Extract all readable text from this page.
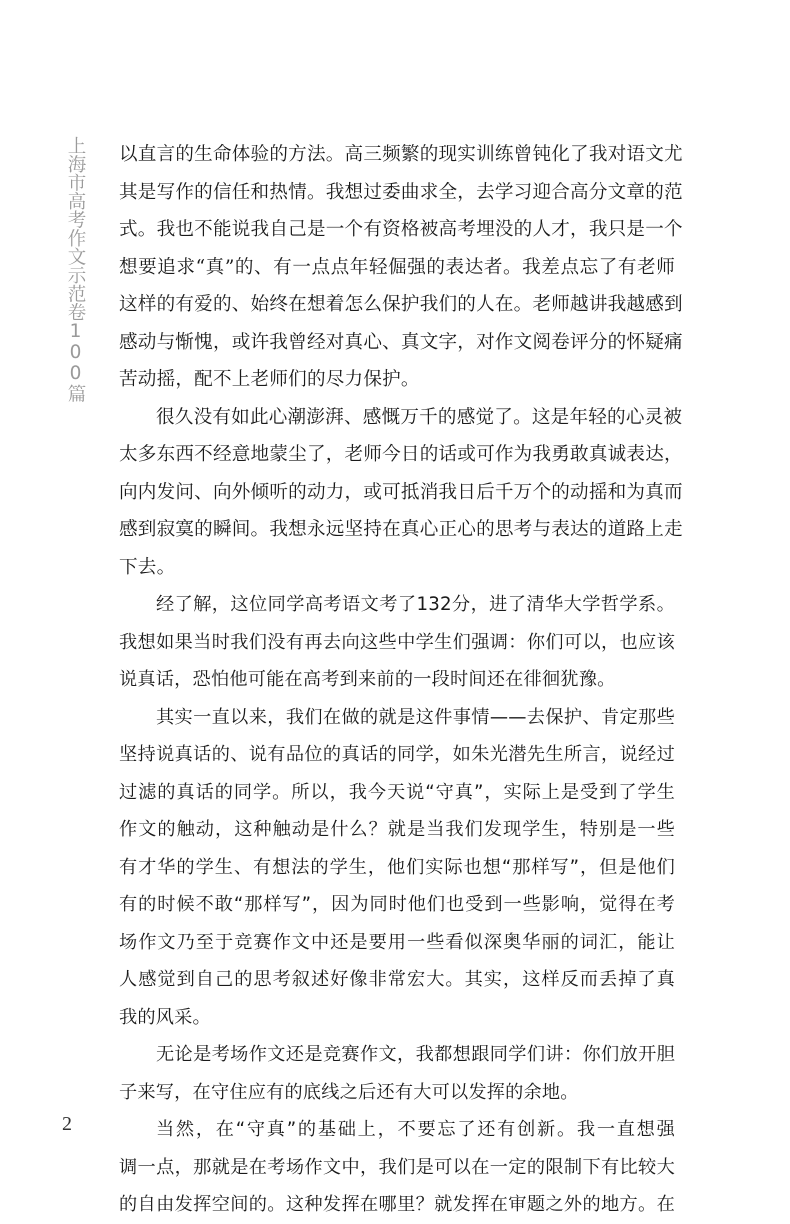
上海市高考作文示范卷100篇 以直言的生命体验的方法。高三频繁的现实训练曾钝化了我对语文尤
其是写作的信任和热情。我想过委曲求全，去学习迎合高分文章的范
式。我也不能说我自己是一个有资格被高考埋没的人才，我只是一个
想要追求“真”的、有一点点年轻倔强的表达者。我差点忘了有老师
这样的有爱的、始终在想着怎么保护我们的人在。老师越讲我越感到
感动与惭愧，或许我曾经对真心、真文字，对作文阅卷评分的怀疑痛
苦动摇，配不上老师们的尽力保护。
很久没有如此心潮澎湃、感慨万千的感觉了。这是年轻的心灵被
太多东西不经意地蒙尘了，老师今日的话或可作为我勇敢真诚表达，
向内发问、向外倾听的动力，或可抵消我日后千万个的动摇和为真而
感到寂寞的瞬间。我想永远坚持在真心正心的思考与表达的道路上走
下去。
经了解，这位同学高考语文考了132分，进了清华大学哲学系。
我想如果当时我们没有再去向这些中学生们强调：你们可以，也应该
说真话，恐怕他可能在高考到来前的一段时间还在徘徊犹豫。
其实一直以来，我们在做的就是这件事情——去保护、肯定那些
坚持说真话的、说有品位的真话的同学，如朱光潜先生所言，说经过
过滤的真话的同学。所以，我今天说“守真”，实际上是受到了学生
作文的触动，这种触动是什么？就是当我们发现学生，特别是一些
有才华的学生、有想法的学生，他们实际也想“那样写”，但是他们
有的时候不敢“那样写”，因为同时他们也受到一些影响，觉得在考
场作文乃至于竞赛作文中还是要用一些看似深奥华丽的词汇，能让
人感觉到自己的思考叙述好像非常宏大。其实，这样反而丢掉了真
我的风采。
无论是考场作文还是竞赛作文，我都想跟同学们讲：你们放开胆
子来写，在守住应有的底线之后还有大可以发挥的余地。
当然，在“守真”的基础上，不要忘了还有创新。我一直想强
调一点，那就是在考场作文中，我们是可以在一定的限制下有比较大
的自由发挥空间的。这种发挥在哪里？就发挥在审题之外的地方。在
2
